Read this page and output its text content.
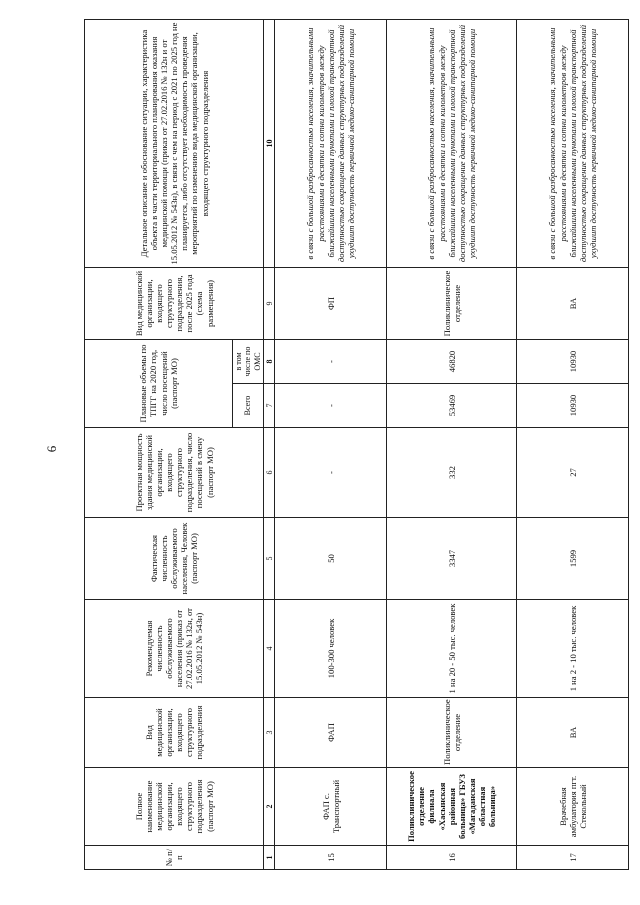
6
№ п/п	Полное наименование медицинской организации, входящего структурного подразделения (паспорт МО)	Вид медицинской организации, входящего структурного подразделения	Рекомендуемая численность обслуживаемого населения (приказ от 27.02.2016 № 132н, от 15.05.2012 № 543н)	Фактическая численность обслуживаемого населения, Человек (паспорт МО)	Проектная мощность здания медицинской организации, входящего структурного подразделения, число посещений в смену (паспорт МО)	Плановые объемы по ТПГГ на 2020 год, число посещений (паспорт МО)		Вид медицинской организации, входящего структурного подразделения, после 2025 года (схема размещения)	Детальное описание и обоснование ситуации, характеристика объекта в части территориального планирования оказания медицинской помощи (приказ от 27.02.2016 № 132н и от 15.05.2012 № 543н), в связи с чем на период с 2021 по 2025 год не планируется, либо отсутствует необходимость проведения мероприятий по изменению вида медицинской организации, входящего структурного подразделения
						Всего	в том числе по ОМС		
1	2	3	4	5	6	7	8	9	10
15	ФАП с. Транспортный	ФАП	100-300 человек	50	-	-	-	ФП	в связи с большой разбросанностью населения, значительными расстояниями в десятки и сотни километров между ближайшими населенными пунктами и плохой транспортной доступностью сокращение данных структурных подразделений ухудшит доступность первичной медико-санитарной помощи
16	Поликлиническое отделение филиала «Хасынская районная больница» ГБУЗ «Магаданская областная больница»	Поликлиническое отделение	1 на 20 - 50 тыс. человек	3347	332	53469	46820	Поликлиническое отделение	в связи с большой разбросанностью населения, значительными расстояниями в десятки и сотни километров между ближайшими населенными пунктами и плохой транспортной доступностью сокращение данных структурных подразделений ухудшит доступность первичной медико-санитарной помощи
17	Врачебная амбулатория пгт. Стекольный	ВА	1 на 2 - 10 тыс. человек	1599	27	10930	10930	ВА	в связи с большой разбросанностью населения, значительными расстояниями в десятки и сотни километров между ближайшими населенными пунктами и плохой транспортной доступностью сокращение данных структурных подразделений ухудшит доступность первичной медико-санитарной помощи
